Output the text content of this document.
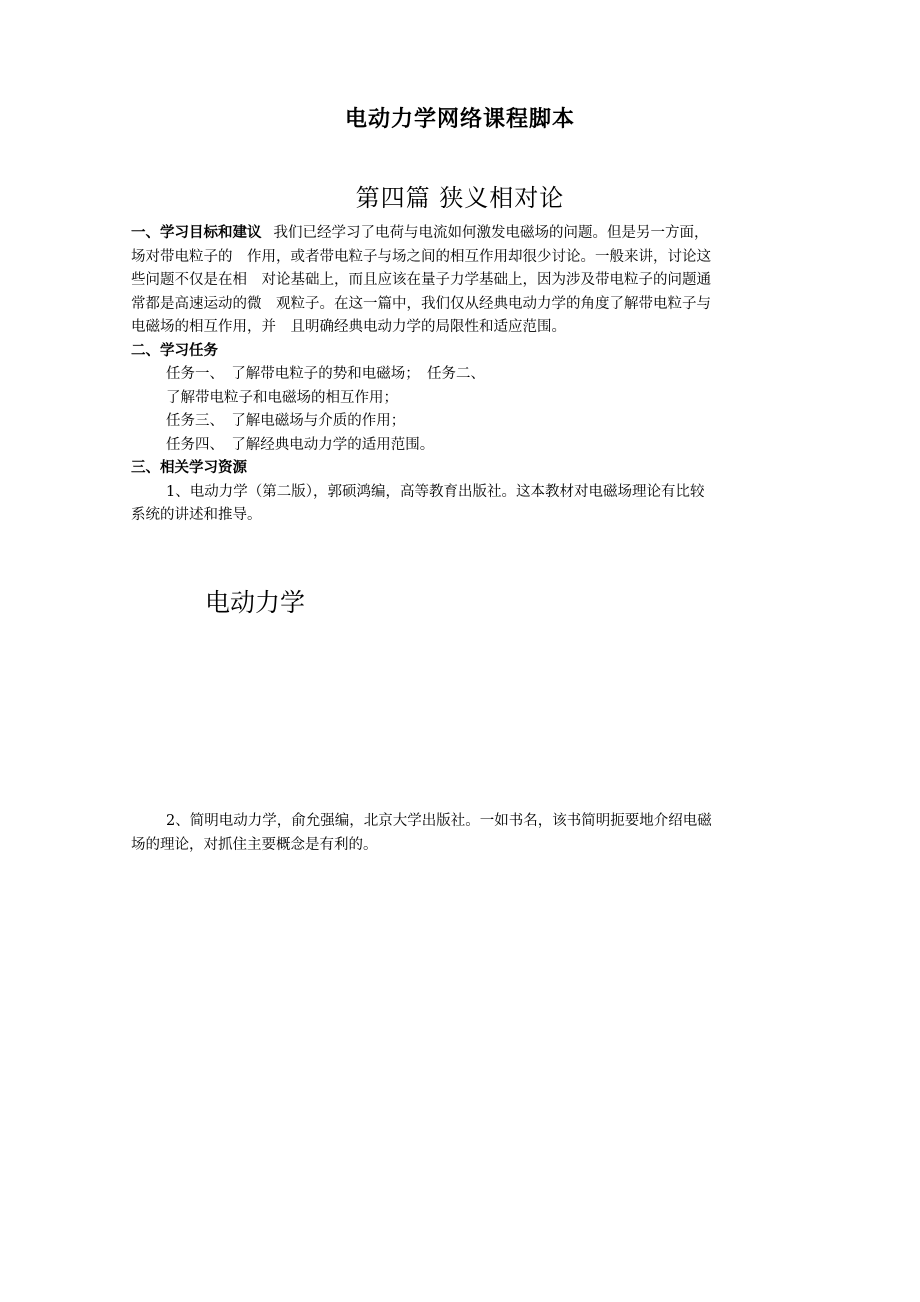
电动力学网络课程脚本
第四篇 狭义相对论
一、学习目标和建议 我们已经学习了电荷与电流如何激发电磁场的问题。但是另一方面，
场对带电粒子的　作用，或者带电粒子与场之间的相互作用却很少讨论。一般来讲，讨论这
些问题不仅是在相　对论基础上，而且应该在量子力学基础上，因为涉及带电粒子的问题通
常都是高速运动的微　观粒子。在这一篇中，我们仅从经典电动力学的角度了解带电粒子与
电磁场的相互作用，并　且明确经典电动力学的局限性和适应范围。
二、学习任务
任务一、　了解带电粒子的势和电磁场；　任务二、
了解带电粒子和电磁场的相互作用；
任务三、　了解电磁场与介质的作用；
任务四、　了解经典电动力学的适用范围。
三、相关学习资源
1、电动力学（第二版），郭硕鸿编，高等教育出版社。这本教材对电磁场理论有比较
系统的讲述和推导。
电动力学
2、简明电动力学，俞允强编，北京大学出版社。一如书名，该书简明扼要地介绍电磁
场的理论，对抓住主要概念是有利的。
